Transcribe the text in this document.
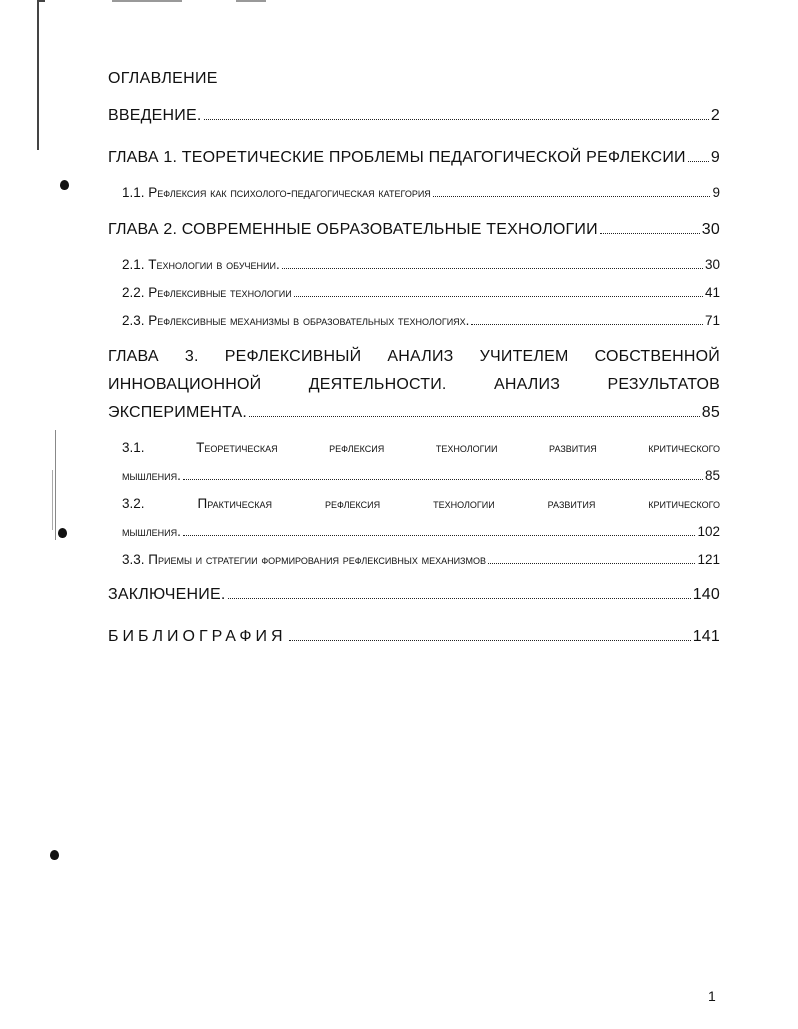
ОГЛАВЛЕНИЕ
ВВЕДЕНИЕ.	2
ГЛАВА 1. ТЕОРЕТИЧЕСКИЕ ПРОБЛЕМЫ ПЕДАГОГИЧЕСКОЙ РЕФЛЕКСИИ 9
1.1. Рефлексия как психолого-педагогическая категория	9
ГЛАВА 2. СОВРЕМЕННЫЕ ОБРАЗОВАТЕЛЬНЫЕ ТЕХНОЛОГИИ	30
2.1. Технологии в обучении.	30
2.2. Рефлексивные технологии	41
2.3. Рефлексивные механизмы в образовательных технологиях.	71
ГЛАВА 3. РЕФЛЕКСИВНЫЙ АНАЛИЗ УЧИТЕЛЕМ СОБСТВЕННОЙ
ИННОВАЦИОННОЙ ДЕЯТЕЛЬНОСТИ. АНАЛИЗ РЕЗУЛЬТАТОВ
ЭКСПЕРИМЕНТА.	85
3.1. Теоретическая рефлексия технологии развития критического
мышления.	85
3.2. Практическая рефлексия технологии развития критического
мышления.	102
3.3. Приемы и стратегии формирования рефлексивных механизмов	121
ЗАКЛЮЧЕНИЕ.	140
БИБЛИОГРАФИЯ	141
1
